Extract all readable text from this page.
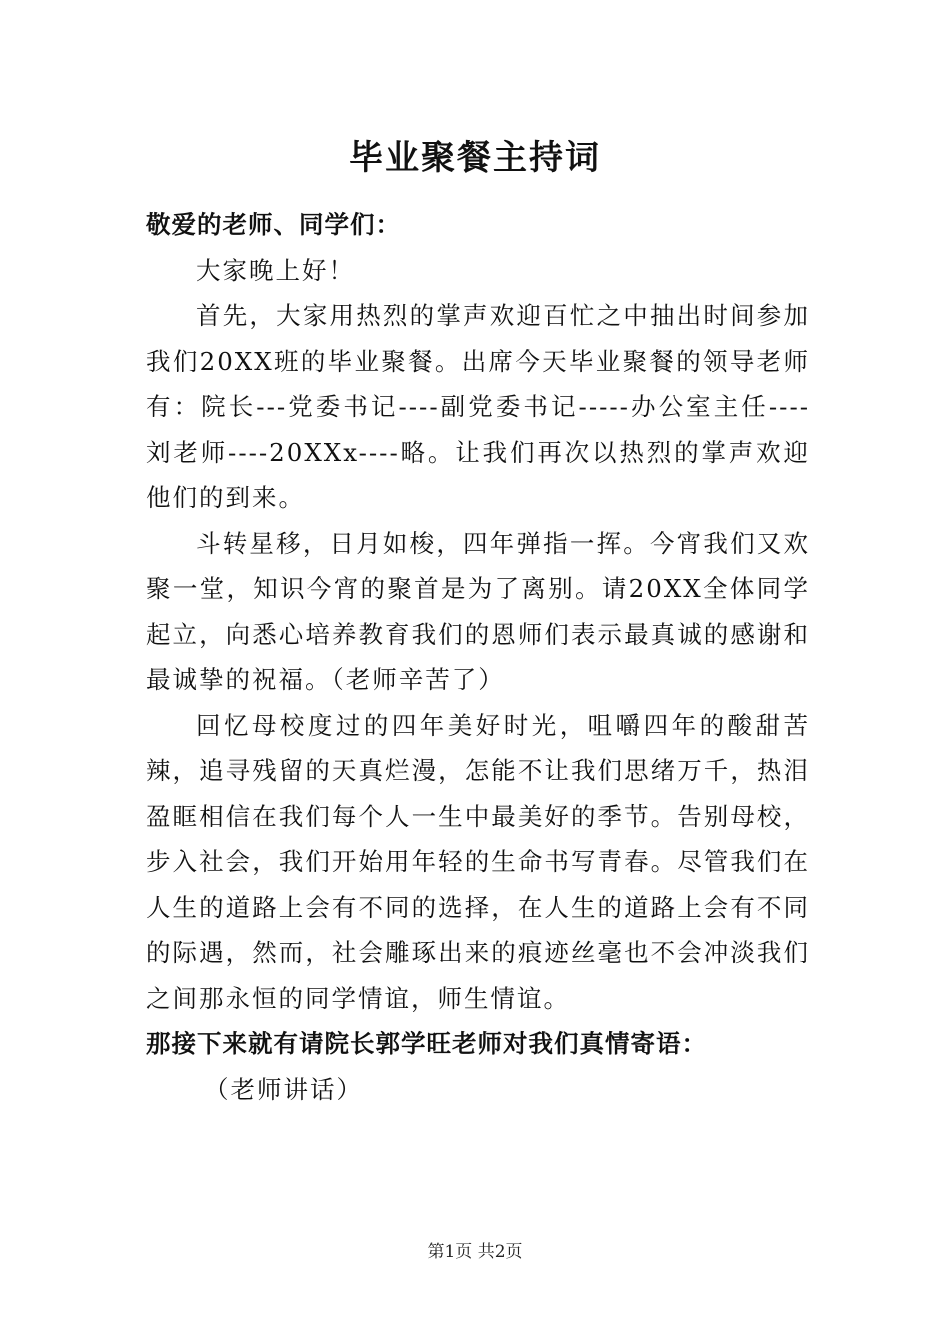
毕业聚餐主持词

敬爱的老师、同学们：

大家晚上好！

首先，大家用热烈的掌声欢迎百忙之中抽出时间参加我们20XX班的毕业聚餐。出席今天毕业聚餐的领导老师有：院长---党委书记----副党委书记-----办公室主任----刘老师----20XXx----略。让我们再次以热烈的掌声欢迎他们的到来。

斗转星移，日月如梭，四年弹指一挥。今宵我们又欢聚一堂，知识今宵的聚首是为了离别。请20XX全体同学起立，向悉心培养教育我们的恩师们表示最真诚的感谢和最诚挚的祝福。（老师辛苦了）

回忆母校度过的四年美好时光，咀嚼四年的酸甜苦辣，追寻残留的天真烂漫，怎能不让我们思绪万千，热泪盈眶相信在我们每个人一生中最美好的季节。告别母校，步入社会，我们开始用年轻的生命书写青春。尽管我们在人生的道路上会有不同的选择，在人生的道路上会有不同的际遇，然而，社会雕琢出来的痕迹丝毫也不会冲淡我们之间那永恒的同学情谊，师生情谊。

那接下来就有请院长郭学旺老师对我们真情寄语：

（老师讲话）

第1页 共2页
